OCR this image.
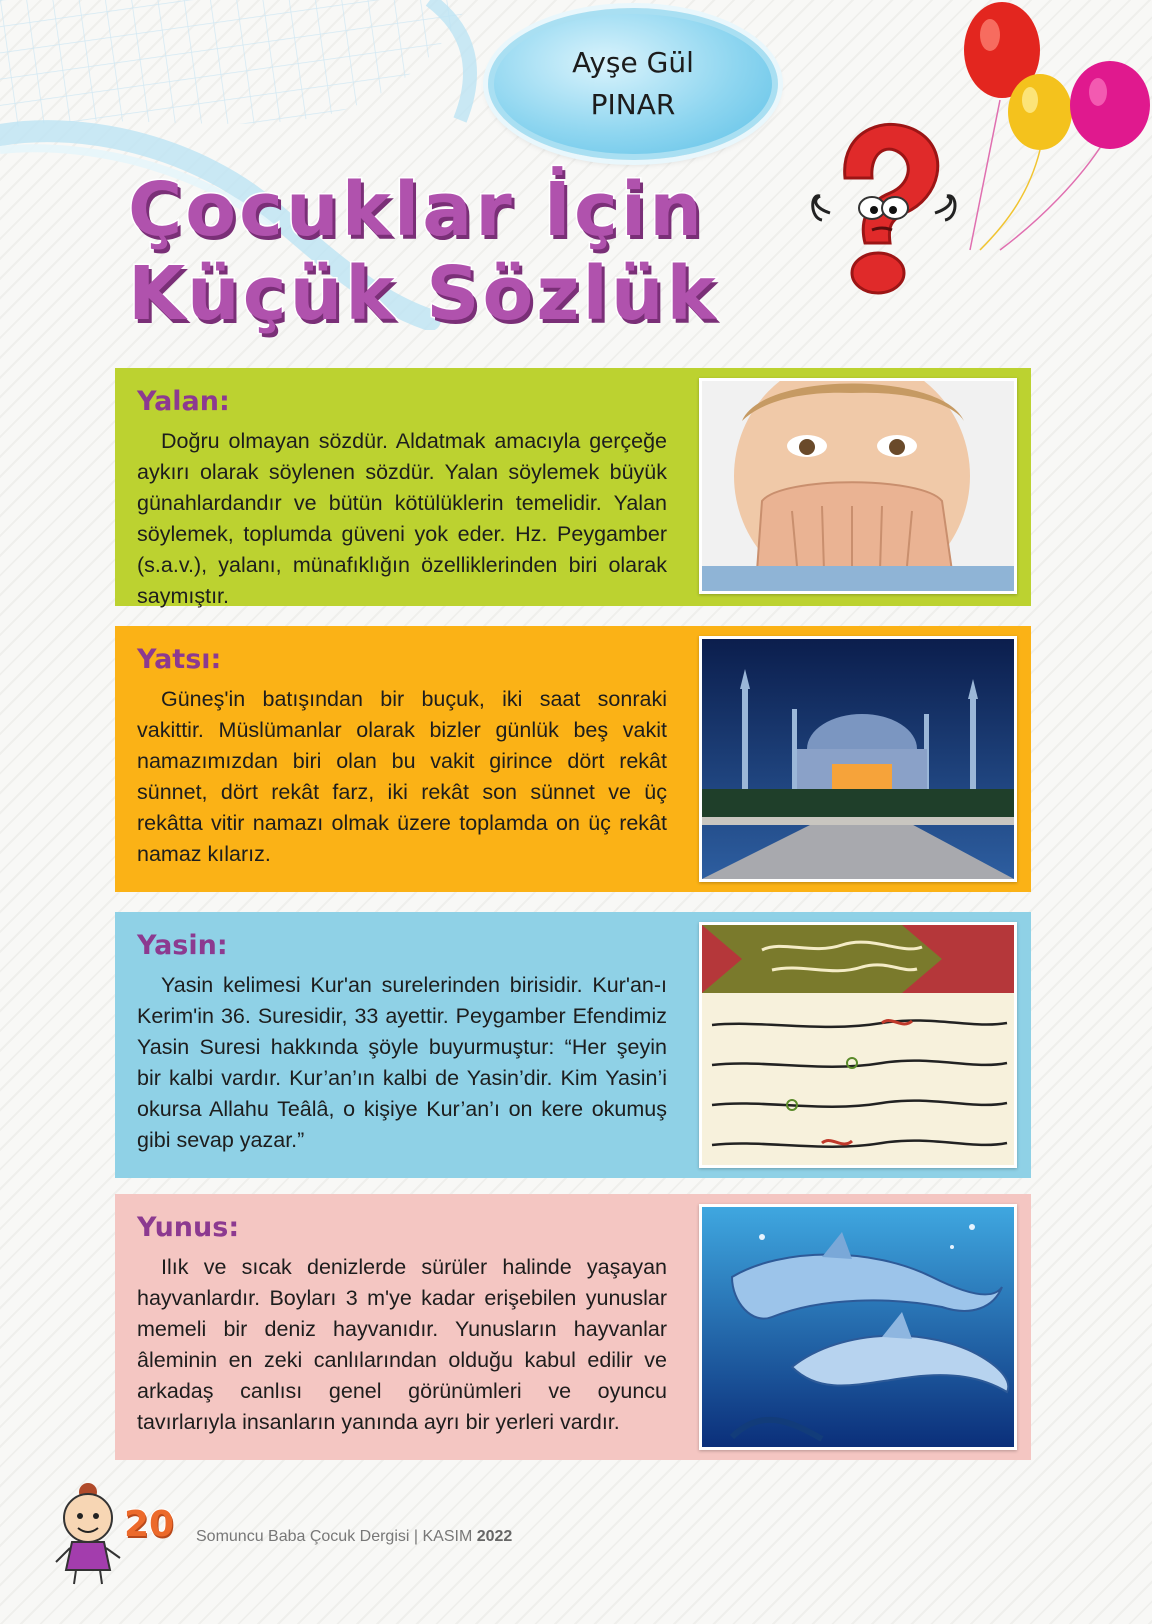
Ayşe Gül
PINAR
Çocuklar İçin
Küçük Sözlük
Yalan:

Doğru olmayan sözdür. Aldatmak amacıyla gerçeğe aykırı olarak söylenen sözdür. Yalan söylemek büyük günahlardandır ve bütün kötülüklerin temelidir. Yalan söylemek, toplumda güveni yok eder. Hz. Peygamber (s.a.v.), yalanı, münafıklığın özelliklerinden biri olarak saymıştır.

Yatsı:

Güneş'in batışından bir buçuk, iki saat sonraki vakittir. Müslümanlar olarak bizler günlük beş vakit namazımızdan biri olan bu vakit girince dört rekât sünnet, dört rekât farz, iki rekât son sünnet ve üç rekâtta vitir namazı olmak üzere toplamda on üç rekât namaz kılarız.

Yasin:

Yasin kelimesi Kur'an surelerinden birisidir. Kur'an-ı Kerim'in 36. Suresidir, 33 ayettir. Peygamber Efendimiz Yasin Suresi hakkında şöyle buyurmuştur: “Her şeyin bir kalbi vardır. Kur’an’ın kalbi de Yasin’dir. Kim Yasin’i okursa Allahu Teâlâ, o kişiye Kur’an’ı on kere okumuş gibi sevap yazar.”

Yunus:

Ilık ve sıcak denizlerde sürüler halinde yaşayan hayvanlardır. Boyları 3 m'ye kadar erişebilen yunuslar memeli bir deniz hayvanıdır. Yunusların hayvanlar âleminin en zeki canlılarından olduğu kabul edilir ve arkadaş canlısı genel görünümleri ve oyuncu tavırlarıyla insanların yanında ayrı bir yerleri vardır.

20	Somuncu Baba Çocuk Dergisi | KASIM 2022
